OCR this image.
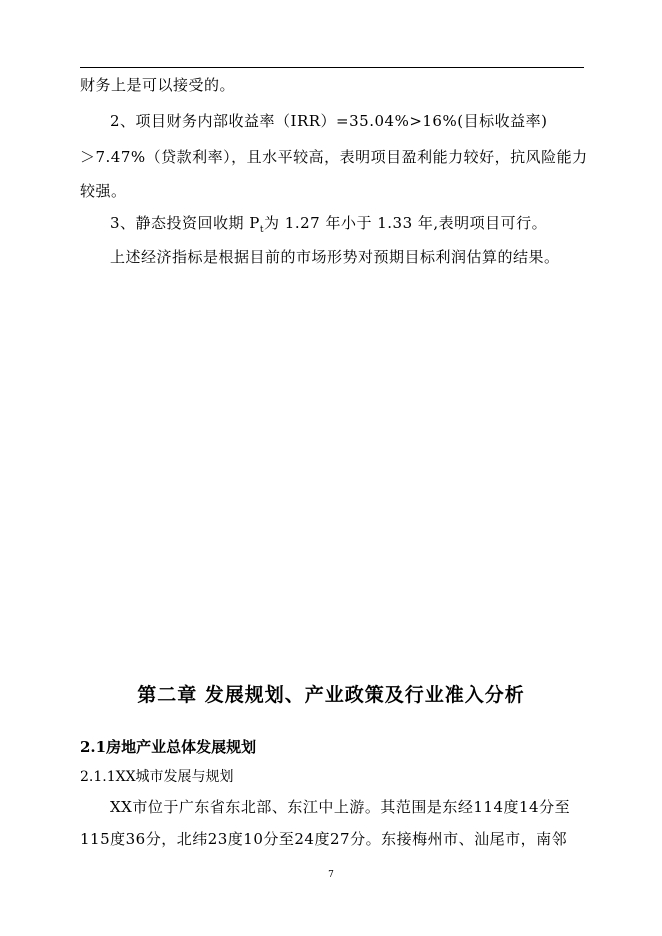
财务上是可以接受的。
2、项目财务内部收益率（IRR）=35.04%>16%(目标收益率)
＞7.47%（贷款利率），且水平较高，表明项目盈利能力较好，抗风险能力
较强。
3、静态投资回收期 $P_t$为 1.27 年小于 1.33 年,表明项目可行。
上述经济指标是根据目前的市场形势对预期目标利润估算的结果。
第二章 发展规划、产业政策及行业准入分析
2.1房地产业总体发展规划
2.1.1XX城市发展与规划
XX市位于广东省东北部、东江中上游。其范围是东经114度14分至
115度36分，北纬23度10分至24度27分。东接梅州市、汕尾市，南邻
7
